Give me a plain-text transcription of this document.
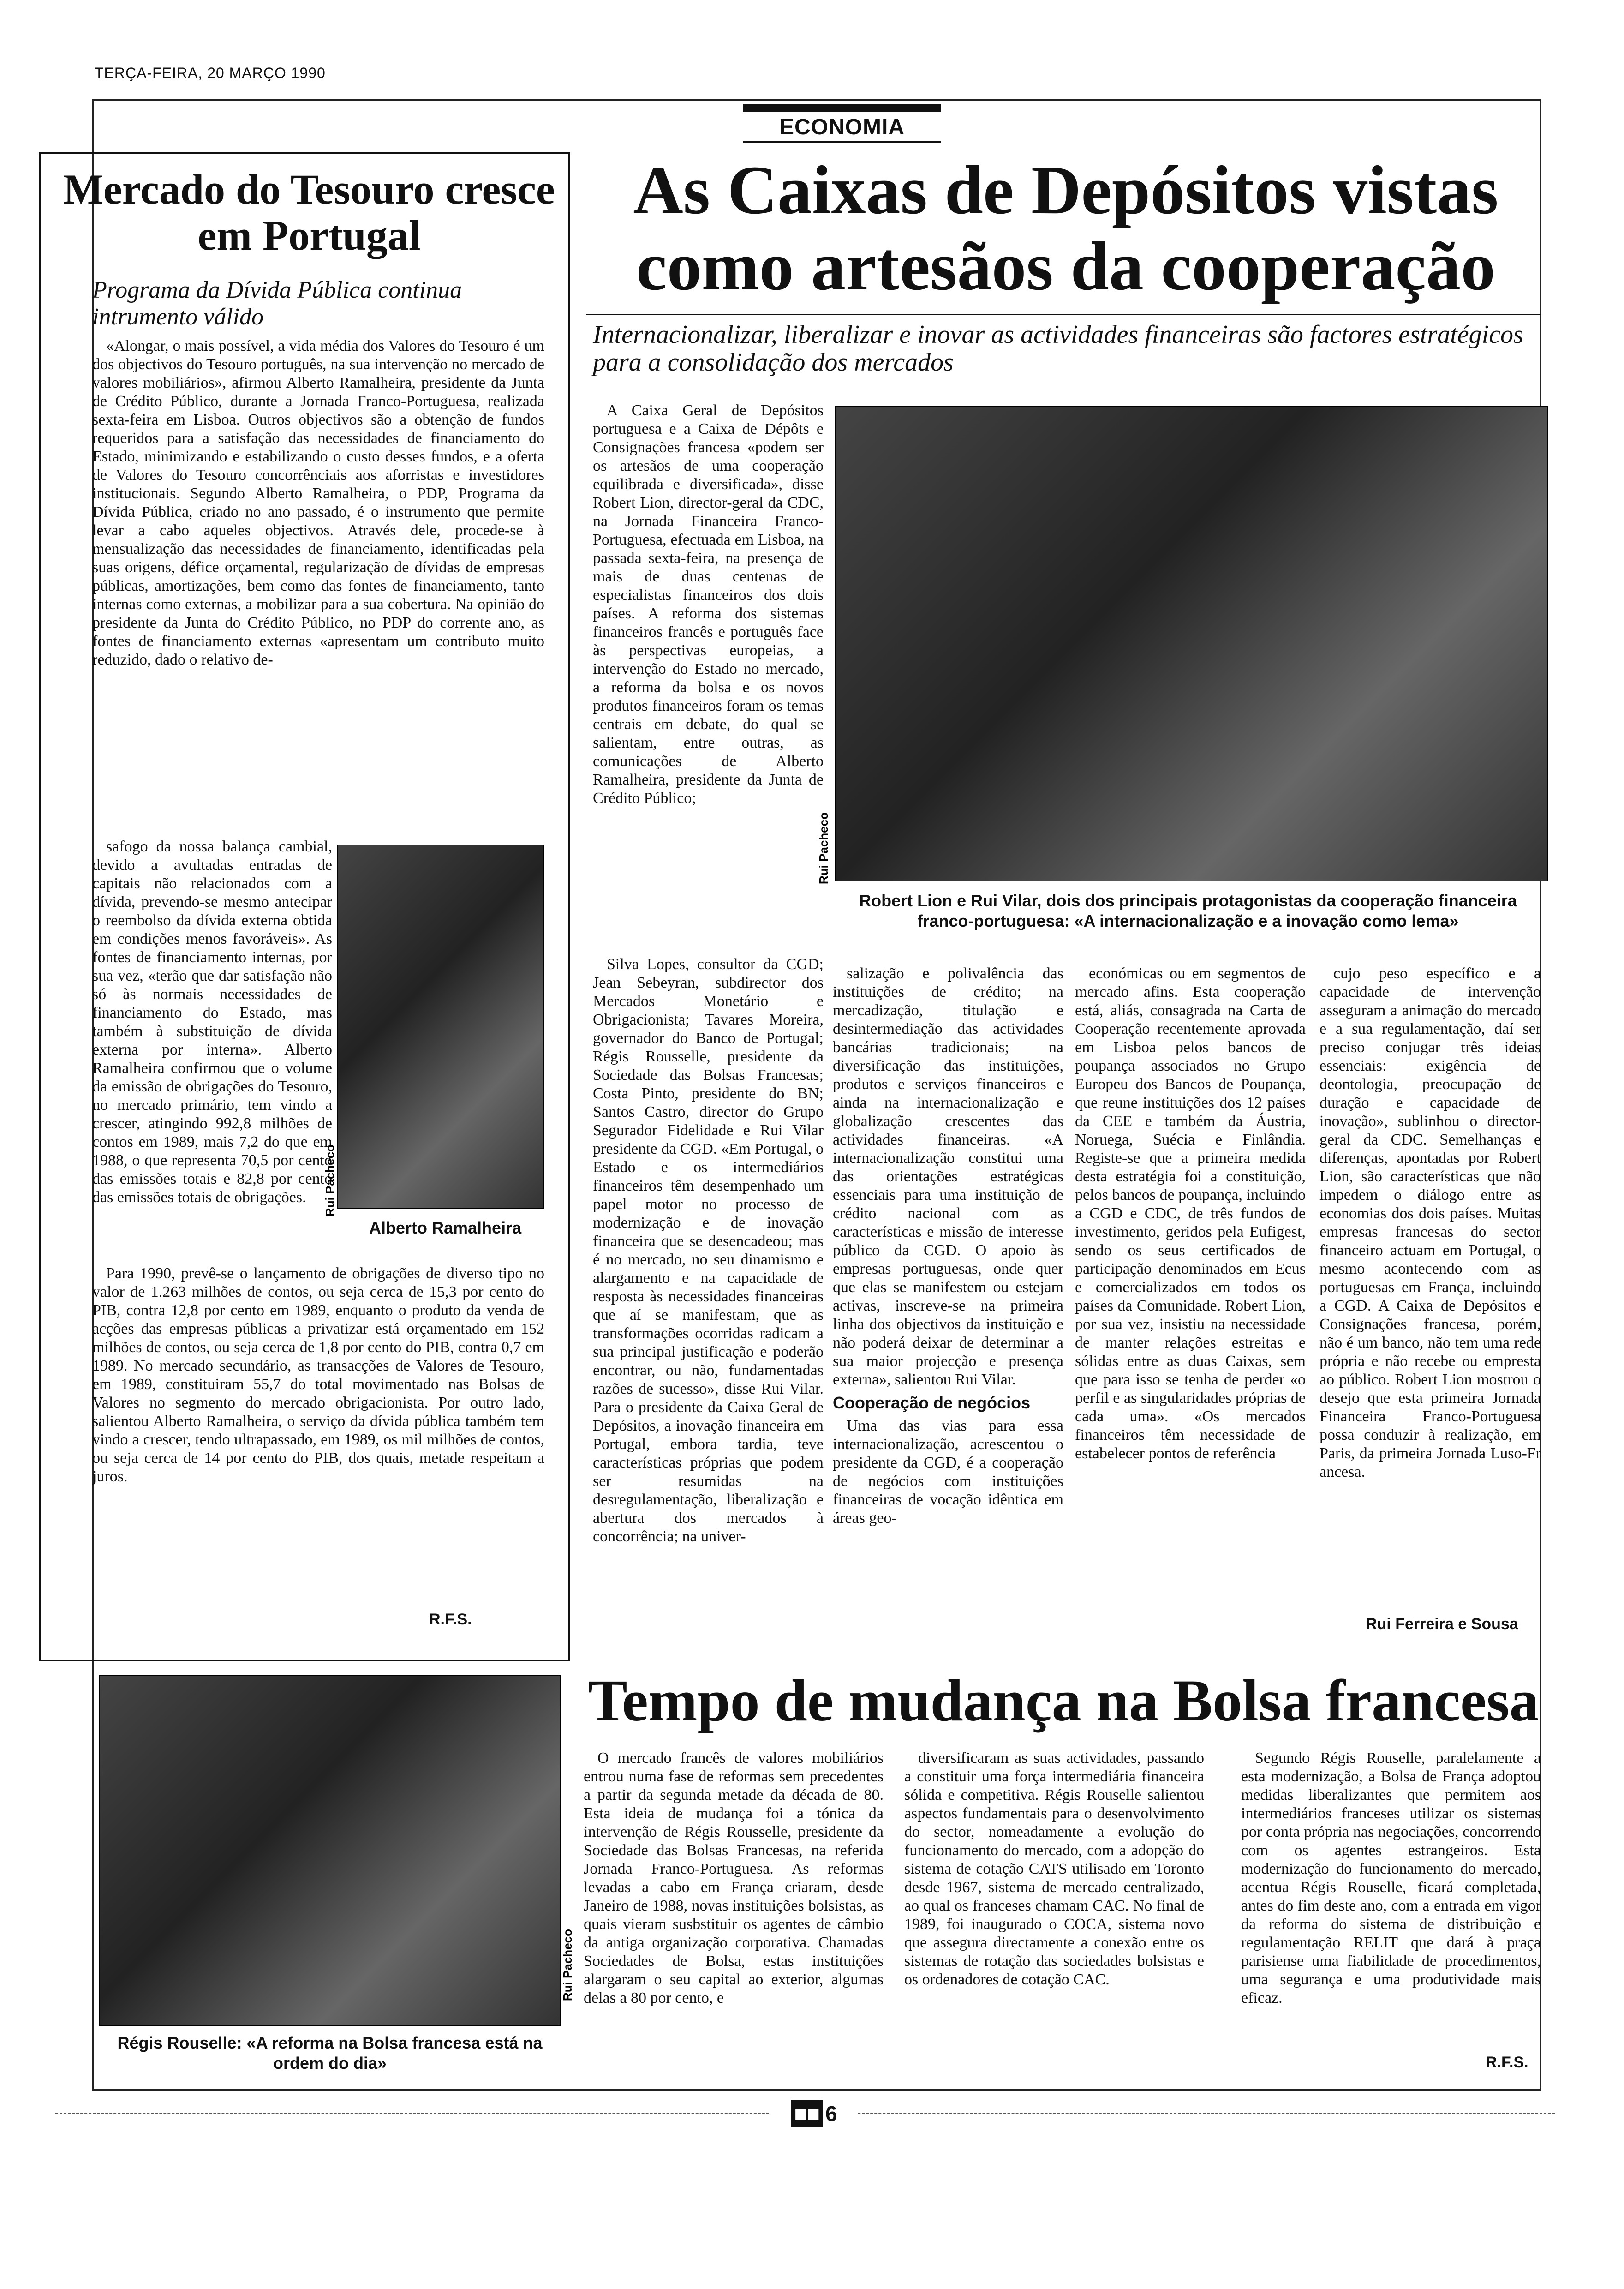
TERÇA-FEIRA, 20 MARÇO 1990
ECONOMIA
Mercado do Tesouro cresce em Portugal
Programa da Dívida Pública continua intrumento válido

«Alongar, o mais possível, a vida média dos Valores do Tesouro é um dos objectivos do Tesouro português, na sua intervenção no mercado de valores mobiliários», afirmou Alberto Ramalheira, presidente da Junta de Crédito Público, durante a Jornada Franco-Portuguesa, realizada sexta-feira em Lisboa. Outros objectivos são a obtenção de fundos requeridos para a satisfação das necessidades de financiamento do Estado, minimizando e estabilizando o custo desses fundos, e a oferta de Valores do Tesouro concorrênciais aos aforristas e investidores institucionais. Segundo Alberto Ramalheira, o PDP, Programa da Dívida Pública, criado no ano passado, é o instrumento que permite levar a cabo aqueles objectivos. Através dele, procede-se à mensualização das necessidades de financiamento, identificadas pela suas origens, défice orçamental, regularização de dívidas de empresas públicas, amortizações, bem como das fontes de financiamento, tanto internas como externas, a mobilizar para a sua cobertura. Na opinião do presidente da Junta do Crédito Público, no PDP do corrente ano, as fontes de financiamento externas «apresentam um contributo muito reduzido, dado o relativo de-

safogo da nossa balança cambial, devido a avultadas entradas de capitais não relacionados com a dívida, prevendo-se mesmo antecipar o reembolso da dívida externa obtida em condições menos favoráveis». As fontes de financiamento internas, por sua vez, «terão que dar satisfação não só às normais necessidades de financiamento do Estado, mas também à substituição de dívida externa por interna». Alberto Ramalheira confirmou que o volume da emissão de obrigações do Tesouro, no mercado primário, tem vindo a crescer, atingindo 992,8 milhões de contos em 1989, mais 7,2 do que em 1988, o que representa 70,5 por cento das emissões totais e 82,8 por cento das emissões totais de obrigações.	Rui Pacheco
Alberto Ramalheira

Para 1990, prevê-se o lançamento de obrigações de diverso tipo no valor de 1.263 milhões de contos, ou seja cerca de 15,3 por cento do PIB, contra 12,8 por cento em 1989, enquanto o produto da venda de acções das empresas públicas a privatizar está orçamentado em 152 milhões de contos, ou seja cerca de 1,8 por cento do PIB, contra 0,7 em 1989. No mercado secundário, as transacções de Valores de Tesouro, em 1989, constituiram 55,7 do total movimentado nas Bolsas de Valores no segmento do mercado obrigacionista. Por outro lado, salientou Alberto Ramalheira, o serviço da dívida pública também tem vindo a crescer, tendo ultrapassado, em 1989, os mil milhões de contos, ou seja cerca de 14 por cento do PIB, dos quais, metade respeitam a juros.

R.F.S.
As Caixas de Depósitos vistas como artesãos da cooperação
Internacionalizar, liberalizar e inovar as actividades financeiras são factores estratégicos para a consolidação dos mercados

A Caixa Geral de Depósitos portuguesa e a Caixa de Dépôts e Consignações francesa «podem ser os artesãos de uma cooperação equilibrada e diversificada», disse Robert Lion, director-geral da CDC, na Jornada Financeira Franco-Portuguesa, efectuada em Lisboa, na passada sexta-feira, na presença de mais de duas centenas de especialistas financeiros dos dois países. A reforma dos sistemas financeiros francês e português face às perspectivas europeias, a intervenção do Estado no mercado, a reforma da bolsa e os novos produtos financeiros foram os temas centrais em debate, do qual se salientam, entre outras, as comunicações de Alberto Ramalheira, presidente da Junta de Crédito Público;

Silva Lopes, consultor da CGD; Jean Sebeyran, subdirector dos Mercados Monetário e Obrigacionista; Tavares Moreira, governador do Banco de Portugal; Régis Rousselle, presidente da Sociedade das Bolsas Francesas; Costa Pinto, presidente do BN; Santos Castro, director do Grupo Segurador Fidelidade e Rui Vilar presidente da CGD. «Em Portugal, o Estado e os intermediários financeiros têm desempenhado um papel motor no processo de modernização e de inovação financeira que se desencadeou; mas é no mercado, no seu dinamismo e alargamento e na capacidade de resposta às necessidades financeiras que aí se manifestam, que as transformações ocorridas radicam a sua principal justificação e poderão encontrar, ou não, fundamentadas razões de sucesso», disse Rui Vilar. Para o presidente da Caixa Geral de Depósitos, a inovação financeira em Portugal, embora tardia, teve características próprias que podem ser resumidas na desregulamentação, liberalização e abertura dos mercados à concorrência; na univer-

Rui Pacheco
Robert Lion e Rui Vilar, dois dos principais protagonistas da cooperação financeira franco-portuguesa: «A internacionalização e a inovação como lema»

salização e polivalência das instituições de crédito; na mercadização, titulação e desintermediação das actividades bancárias tradicionais; na diversificação das instituições, produtos e serviços financeiros e ainda na internacionalização e globalização crescentes das actividades financeiras. «A internacionalização constitui uma das orientações estratégicas essenciais para uma instituição de crédito nacional com as características e missão de interesse público da CGD. O apoio às empresas portuguesas, onde quer que elas se manifestem ou estejam activas, inscreve-se na primeira linha dos objectivos da instituição e não poderá deixar de determinar a sua maior projecção e presença externa», salientou Rui Vilar.

Cooperação de negócios

Uma das vias para essa internacionalização, acrescentou o presidente da CGD, é a cooperação de negócios com instituições financeiras de vocação idêntica em áreas geo-

económicas ou em segmentos de mercado afins. Esta cooperação está, aliás, consagrada na Carta de Cooperação recentemente aprovada em Lisboa pelos bancos de poupança associados no Grupo Europeu dos Bancos de Poupança, que reune instituições dos 12 países da CEE e também da Áustria, Noruega, Suécia e Finlândia. Registe-se que a primeira medida desta estratégia foi a constituição, pelos bancos de poupança, incluindo a CGD e CDC, de três fundos de investimento, geridos pela Eufigest, sendo os seus certificados de participação denominados em Ecus e comercializados em todos os países da Comunidade. Robert Lion, por sua vez, insistiu na necessidade de manter relações estreitas e sólidas entre as duas Caixas, sem que para isso se tenha de perder «o perfil e as singularidades próprias de cada uma». «Os mercados financeiros têm necessidade de estabelecer pontos de referência

cujo peso específico e a capacidade de intervenção asseguram a animação do mercado e a sua regulamentação, daí ser preciso conjugar três ideias essenciais: exigência de deontologia, preocupação de duração e capacidade de inovação», sublinhou o director-geral da CDC. Semelhanças e diferenças, apontadas por Robert Lion, são características que não impedem o diálogo entre as economias dos dois países. Muitas empresas francesas do sector financeiro actuam em Portugal, o mesmo acontecendo com as portuguesas em França, incluindo a CGD. A Caixa de Depósitos e Consignações francesa, porém, não é um banco, não tem uma rede própria e não recebe ou empresta ao público. Robert Lion mostrou o desejo que esta primeira Jornada Financeira Franco-Portuguesa possa conduzir à realização, em Paris, da primeira Jornada Luso-Fr ancesa.

Rui Ferreira e Sousa
Rui Pacheco
Régis Rouselle: «A reforma na Bolsa francesa está na ordem do dia»
Tempo de mudança na Bolsa francesa

O mercado francês de valores mobiliários entrou numa fase de reformas sem precedentes a partir da segunda metade da década de 80. Esta ideia de mudança foi a tónica da intervenção de Régis Rousselle, presidente da Sociedade das Bolsas Francesas, na referida Jornada Franco-Portuguesa. As reformas levadas a cabo em França criaram, desde Janeiro de 1988, novas instituições bolsistas, as quais vieram susbstituir os agentes de câmbio da antiga organização corporativa. Chamadas Sociedades de Bolsa, estas instituições alargaram o seu capital ao exterior, algumas delas a 80 por cento, e

diversificaram as suas actividades, passando a constituir uma força intermediária financeira sólida e competitiva. Régis Rouselle salientou aspectos fundamentais para o desenvolvimento do sector, nomeadamente a evolução do funcionamento do mercado, com a adopção do sistema de cotação CATS utilisado em Toronto desde 1967, sistema de mercado centralizado, ao qual os franceses chamam CAC. No final de 1989, foi inaugurado o COCA, sistema novo que assegura directamente a conexão entre os sistemas de rotação das sociedades bolsistas e os ordenadores de cotação CAC.

Segundo Régis Rouselle, paralelamente a esta modernização, a Bolsa de França adoptou medidas liberalizantes que permitem aos intermediários franceses utilizar os sistemas por conta própria nas negociações, concorrendo com os agentes estrangeiros. Esta modernização do funcionamento do mercado, acentua Régis Rouselle, ficará completada, antes do fim deste ano, com a entrada em vigor da reforma do sistema de distribuição e regulamentação RELIT que dará à praça parisiense uma fiabilidade de procedimentos, uma segurança e uma produtividade mais eficaz.

R.F.S.
■■ 6
